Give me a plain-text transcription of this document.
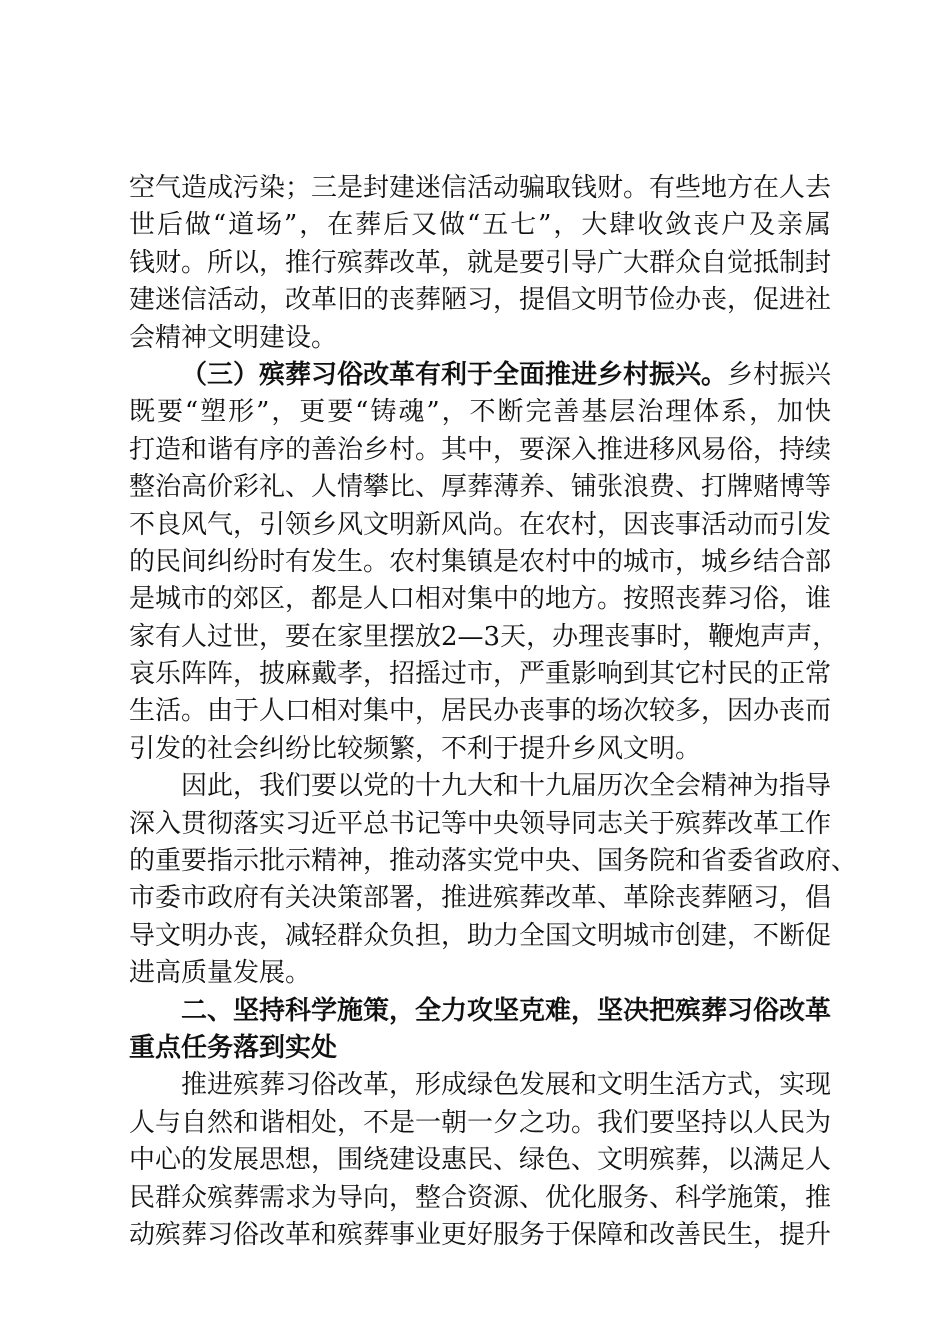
空气造成污染；三是封建迷信活动骗取钱财。有些地方在人去
世后做“道场”，在葬后又做“五七”，大肆收敛丧户及亲属
钱财。所以，推行殡葬改革，就是要引导广大群众自觉抵制封
建迷信活动，改革旧的丧葬陋习，提倡文明节俭办丧，促进社
会精神文明建设。
（三）殡葬习俗改革有利于全面推进乡村振兴。乡村振兴
既要“塑形”，更要“铸魂”，不断完善基层治理体系，加快
打造和谐有序的善治乡村。其中，要深入推进移风易俗，持续
整治高价彩礼、人情攀比、厚葬薄养、铺张浪费、打牌赌博等
不良风气，引领乡风文明新风尚。在农村，因丧事活动而引发
的民间纠纷时有发生。农村集镇是农村中的城市，城乡结合部
是城市的郊区，都是人口相对集中的地方。按照丧葬习俗，谁
家有人过世，要在家里摆放2—3天，办理丧事时，鞭炮声声，
哀乐阵阵，披麻戴孝，招摇过市，严重影响到其它村民的正常
生活。由于人口相对集中，居民办丧事的场次较多，因办丧而
引发的社会纠纷比较频繁，不利于提升乡风文明。
因此，我们要以党的十九大和十九届历次全会精神为指导
深入贯彻落实习近平总书记等中央领导同志关于殡葬改革工作
的重要指示批示精神，推动落实党中央、国务院和省委省政府、
市委市政府有关决策部署，推进殡葬改革、革除丧葬陋习，倡
导文明办丧，减轻群众负担，助力全国文明城市创建，不断促
进高质量发展。
二、坚持科学施策，全力攻坚克难，坚决把殡葬习俗改革
重点任务落到实处
推进殡葬习俗改革，形成绿色发展和文明生活方式，实现
人与自然和谐相处，不是一朝一夕之功。我们要坚持以人民为
中心的发展思想，围绕建设惠民、绿色、文明殡葬，以满足人
民群众殡葬需求为导向，整合资源、优化服务、科学施策，推
动殡葬习俗改革和殡葬事业更好服务于保障和改善民生，提升
